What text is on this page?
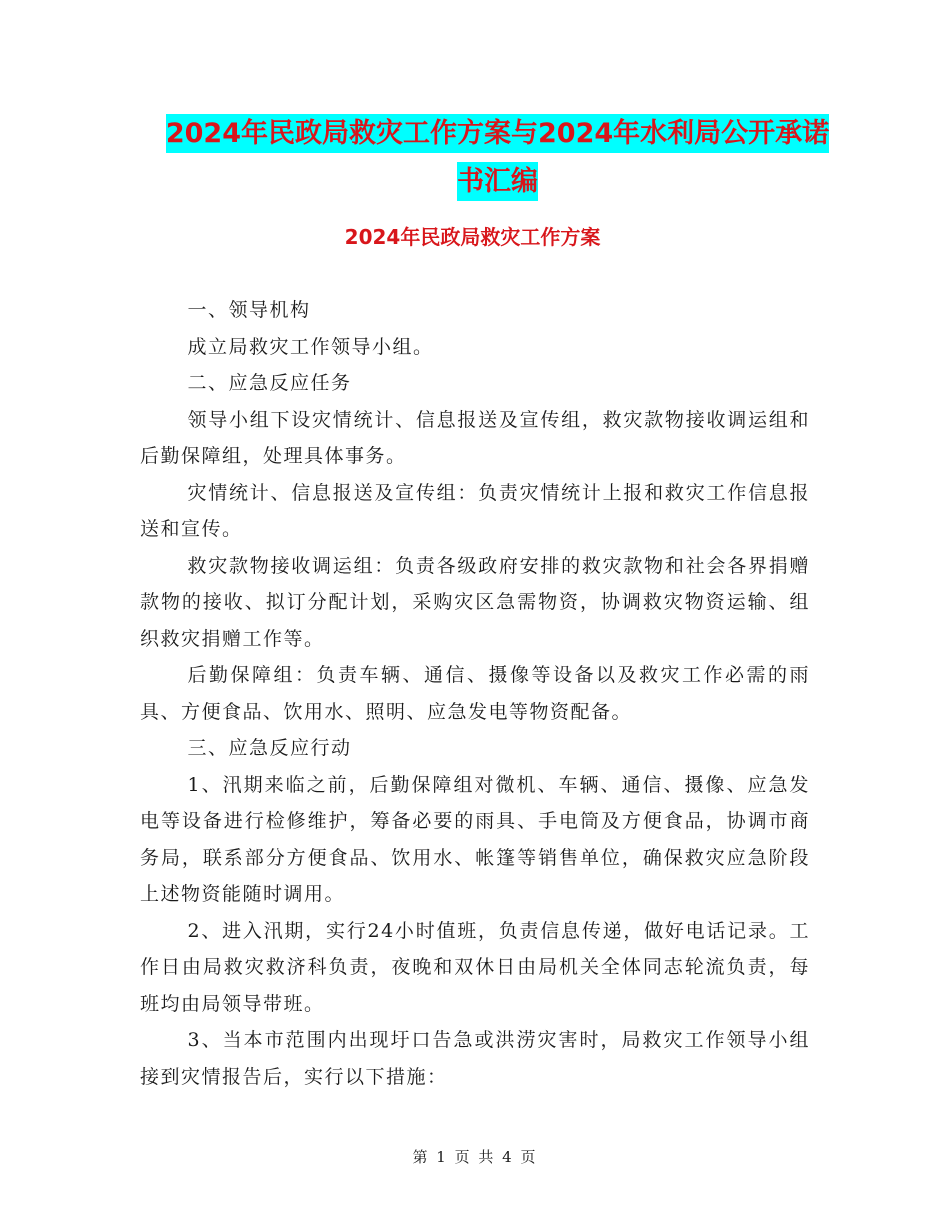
2024年民政局救灾工作方案与2024年水利局公开承诺
书汇编
2024年民政局救灾工作方案

一、领导机构

成立局救灾工作领导小组。

二、应急反应任务

领导小组下设灾情统计、信息报送及宣传组，救灾款物接收调运组和后勤保障组，处理具体事务。

灾情统计、信息报送及宣传组：负责灾情统计上报和救灾工作信息报送和宣传。

救灾款物接收调运组：负责各级政府安排的救灾款物和社会各界捐赠款物的接收、拟订分配计划，采购灾区急需物资，协调救灾物资运输、组织救灾捐赠工作等。

后勤保障组：负责车辆、通信、摄像等设备以及救灾工作必需的雨具、方便食品、饮用水、照明、应急发电等物资配备。

三、应急反应行动

1、汛期来临之前，后勤保障组对微机、车辆、通信、摄像、应急发电等设备进行检修维护，筹备必要的雨具、手电筒及方便食品，协调市商务局，联系部分方便食品、饮用水、帐篷等销售单位，确保救灾应急阶段上述物资能随时调用。

2、进入汛期，实行24小时值班，负责信息传递，做好电话记录。工作日由局救灾救济科负责，夜晚和双休日由局机关全体同志轮流负责，每班均由局领导带班。

3、当本市范围内出现圩口告急或洪涝灾害时，局救灾工作领导小组接到灾情报告后，实行以下措施：

第 1 页 共 4 页
